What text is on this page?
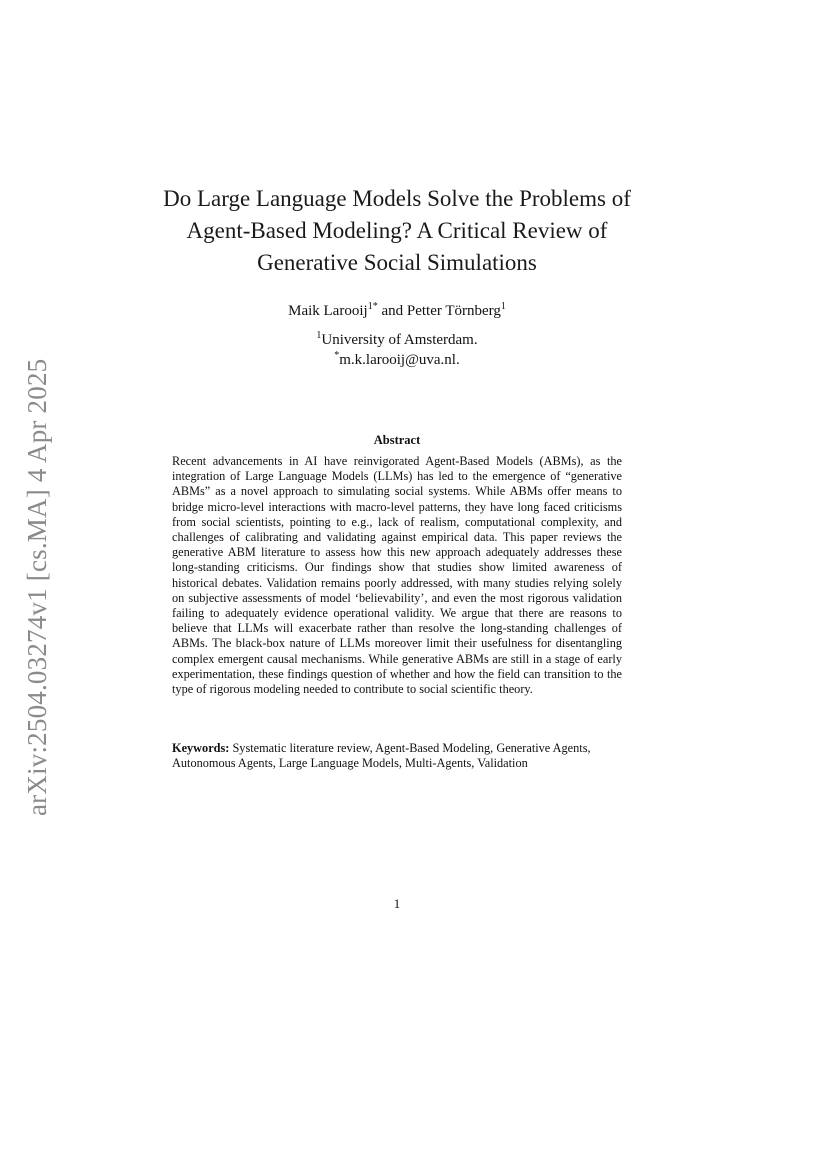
arXiv:2504.03274v1 [cs.MA] 4 Apr 2025
Do Large Language Models Solve the Problems of
Agent-Based Modeling? A Critical Review of
Generative Social Simulations
Maik Larooij$^{1*}$ and Petter Törnberg$^1$
$^1$University of Amsterdam.
*m.k.larooij@uva.nl.
Abstract

Recent advancements in AI have reinvigorated Agent-Based Models (ABMs), as the integration of Large Language Models (LLMs) has led to the emergence of “generative ABMs” as a novel approach to simulating social systems. While ABMs offer means to bridge micro-level interactions with macro-level patterns, they have long faced criticisms from social scientists, pointing to e.g., lack of realism, computational complexity, and challenges of calibrating and validating against empirical data. This paper reviews the generative ABM literature to assess how this new approach adequately addresses these long-standing criticisms. Our findings show that studies show limited awareness of historical debates. Validation remains poorly addressed, with many studies relying solely on subjective assessments of model ‘believability’, and even the most rigorous validation failing to adequately evidence operational validity. We argue that there are reasons to believe that LLMs will exacerbate rather than resolve the long-standing challenges of ABMs. The black-box nature of LLMs moreover limit their usefulness for disentangling complex emergent causal mechanisms. While generative ABMs are still in a stage of early experimentation, these findings question of whether and how the field can transition to the type of rigorous modeling needed to contribute to social scientific theory.

Keywords: Systematic literature review, Agent-Based Modeling, Generative Agents, Autonomous Agents, Large Language Models, Multi-Agents, Validation
1
